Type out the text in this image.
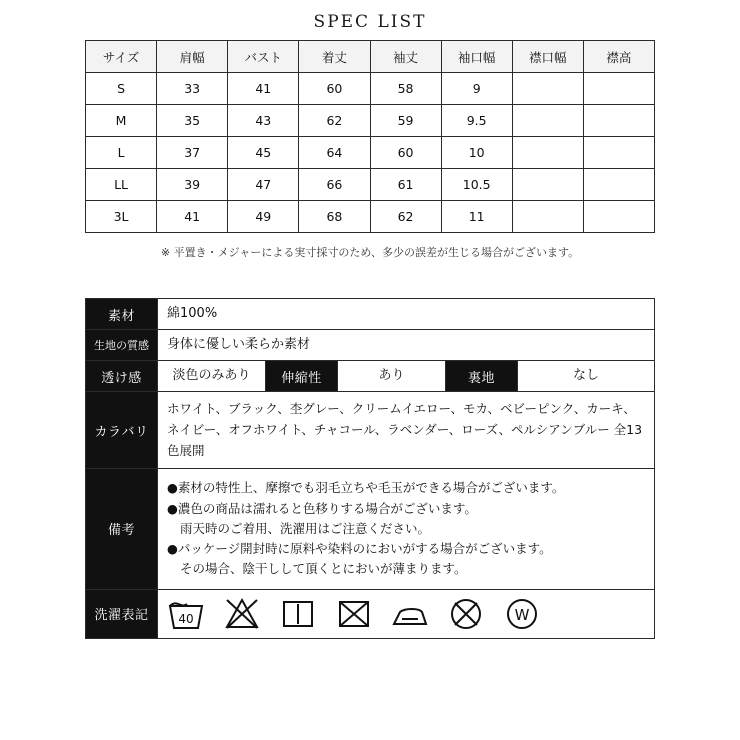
SPEC LIST
サイズ	肩幅	バスト	着丈	袖丈	袖口幅	襟口幅	襟高
S	33	41	60	58	9		
M	35	43	62	59	9.5		
L	37	45	64	60	10		
LL	39	47	66	61	10.5		
3L	41	49	68	62	11		
※ 平置き・メジャーによる実寸採寸のため、多少の誤差が生じる場合がございます。
素材	綿100%				
生地の質感	身体に優しい柔らか素材				
透け感	淡色のみあり	伸縮性	あり	裏地	なし
カラバリ	ホワイト、ブラック、杢グレー、クリームイエロー、モカ、ベビーピンク、カーキ、ネイビー、オフホワイト、チャコール、ラベンダー、ローズ、ペルシアンブルー 全13色展開				
備考	●素材の特性上、摩擦でも羽毛立ちや毛玉ができる場合がございます。
●濃色の商品は濡れると色移りする場合がございます。
雨天時のご着用、洗濯用はご注意ください。
●パッケージ開封時に原料や染料のにおいがする場合がございます。
その場合、陰干しして頂くとにおいが薄まります。				

洗濯表記	40 W				
